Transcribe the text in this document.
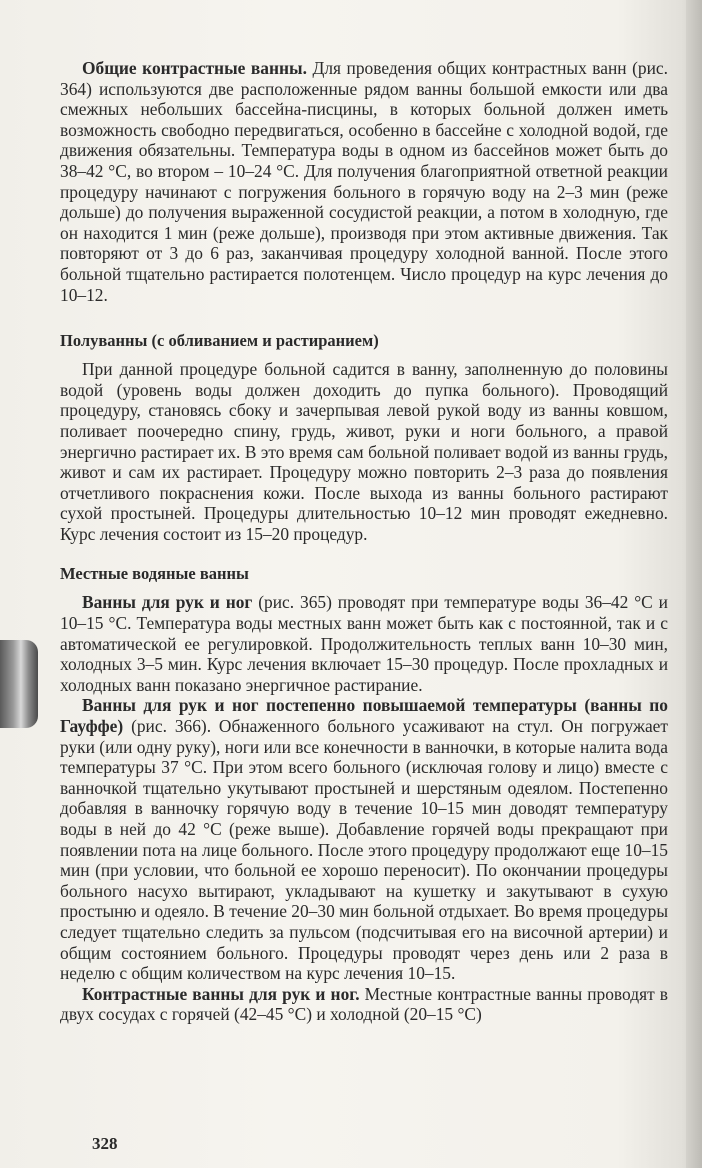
Общие контрастные ванны. Для проведения общих контрастных ванн (рис. 364) используются две расположенные рядом ванны большой емкости или два смежных небольших бассейна-писцины, в которых больной должен иметь возможность свободно передвигаться, особенно в бассейне с холодной водой, где движения обязательны. Температура воды в одном из бассейнов может быть до 38–42 °С, во втором – 10–24 °С. Для получения благоприятной ответной реакции процедуру начинают с погружения больного в горячую воду на 2–3 мин (реже дольше) до получения выраженной сосудистой реакции, а потом в холодную, где он находится 1 мин (реже дольше), производя при этом активные движения. Так повторяют от 3 до 6 раз, заканчивая процедуру холодной ванной. После этого больной тщательно растирается полотенцем. Число процедур на курс лечения до 10–12.

Полуванны (с обливанием и растиранием)

При данной процедуре больной садится в ванну, заполненную до половины водой (уровень воды должен доходить до пупка больного). Проводящий процедуру, становясь сбоку и зачерпывая левой рукой воду из ванны ковшом, поливает поочередно спину, грудь, живот, руки и ноги больного, а правой энергично растирает их. В это время сам больной поливает водой из ванны грудь, живот и сам их растирает. Процедуру можно повторить 2–3 раза до появления отчетливого покраснения кожи. После выхода из ванны больного растирают сухой простыней. Процедуры длительностью 10–12 мин проводят ежедневно. Курс лечения состоит из 15–20 процедур.

Местные водяные ванны

Ванны для рук и ног (рис. 365) проводят при температуре воды 36–42 °С и 10–15 °С. Температура воды местных ванн может быть как с постоянной, так и с автоматической ее регулировкой. Продолжительность теплых ванн 10–30 мин, холодных 3–5 мин. Курс лечения включает 15–30 процедур. После прохладных и холодных ванн показано энергичное растирание.

Ванны для рук и ног постепенно повышаемой температуры (ванны по Гауффе) (рис. 366). Обнаженного больного усаживают на стул. Он погружает руки (или одну руку), ноги или все конечности в ванночки, в которые налита вода температуры 37 °С. При этом всего больного (исключая голову и лицо) вместе с ванночкой тщательно укутывают простыней и шерстяным одеялом. Постепенно добавляя в ванночку горячую воду в течение 10–15 мин доводят температуру воды в ней до 42 °С (реже выше). Добавление горячей воды прекращают при появлении пота на лице больного. После этого процедуру продолжают еще 10–15 мин (при условии, что больной ее хорошо переносит). По окончании процедуры больного насухо вытирают, укладывают на кушетку и закутывают в сухую простыню и одеяло. В течение 20–30 мин больной отдыхает. Во время процедуры следует тщательно следить за пульсом (подсчитывая его на височной артерии) и общим состоянием больного. Процедуры проводят через день или 2 раза в неделю с общим количеством на курс лечения 10–15.

Контрастные ванны для рук и ног. Местные контрастные ванны проводят в двух сосудах с горячей (42–45 °С) и холодной (20–15 °С)

328
